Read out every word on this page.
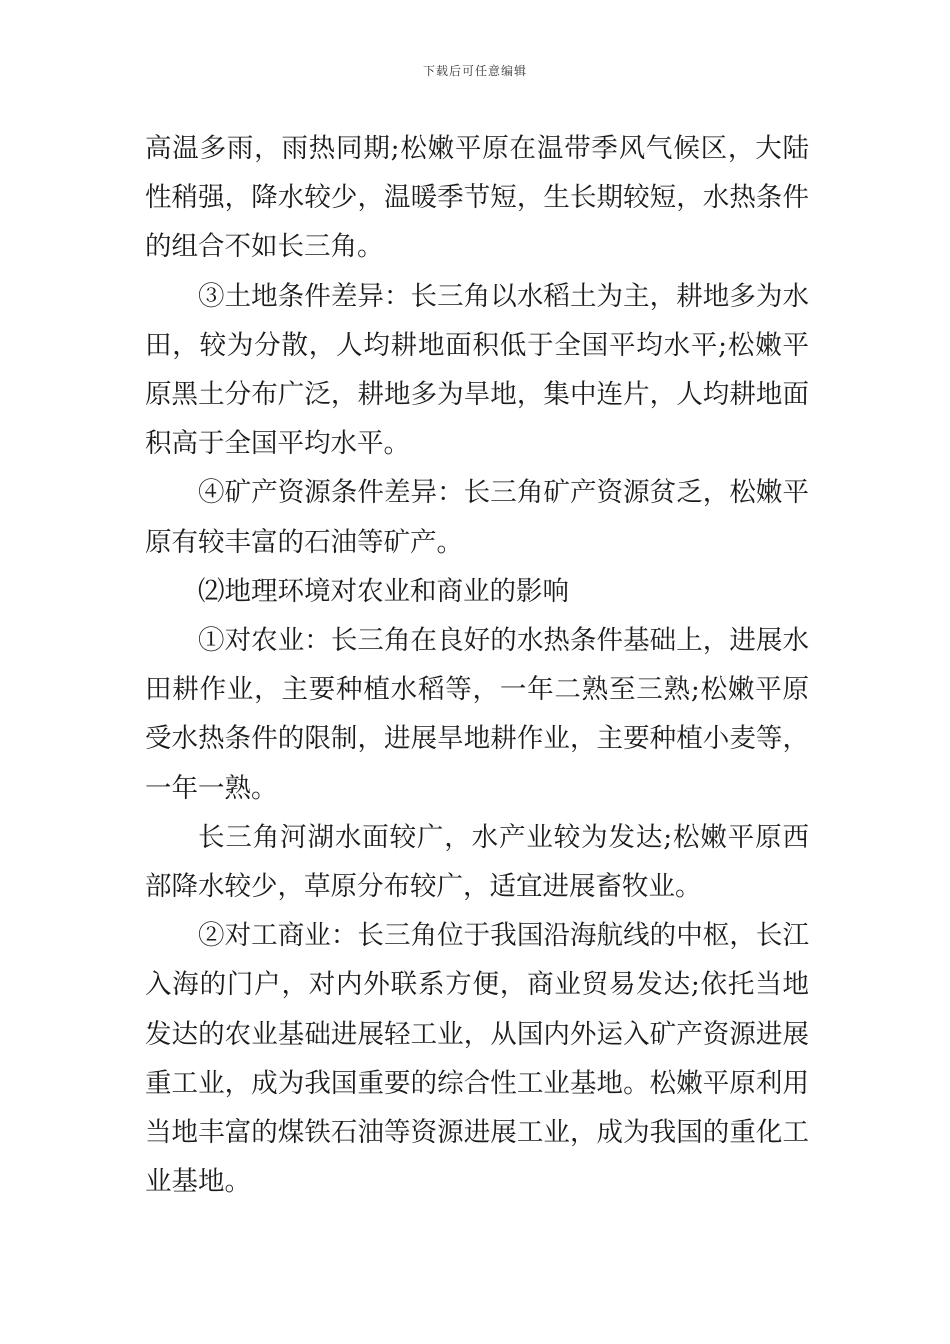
下载后可任意编辑

高温多雨，雨热同期;松嫩平原在温带季风气候区，大陆性稍强，降水较少，温暖季节短，生长期较短，水热条件的组合不如长三角。

③土地条件差异：长三角以水稻土为主，耕地多为水田，较为分散，人均耕地面积低于全国平均水平;松嫩平原黑土分布广泛，耕地多为旱地，集中连片，人均耕地面积高于全国平均水平。

④矿产资源条件差异：长三角矿产资源贫乏，松嫩平原有较丰富的石油等矿产。

⑵地理环境对农业和商业的影响

①对农业：长三角在良好的水热条件基础上，进展水田耕作业，主要种植水稻等，一年二熟至三熟;松嫩平原受水热条件的限制，进展旱地耕作业，主要种植小麦等，一年一熟。

长三角河湖水面较广，水产业较为发达;松嫩平原西部降水较少，草原分布较广，适宜进展畜牧业。

②对工商业：长三角位于我国沿海航线的中枢，长江入海的门户，对内外联系方便，商业贸易发达;依托当地发达的农业基础进展轻工业，从国内外运入矿产资源进展重工业，成为我国重要的综合性工业基地。松嫩平原利用当地丰富的煤铁石油等资源进展工业，成为我国的重化工业基地。
